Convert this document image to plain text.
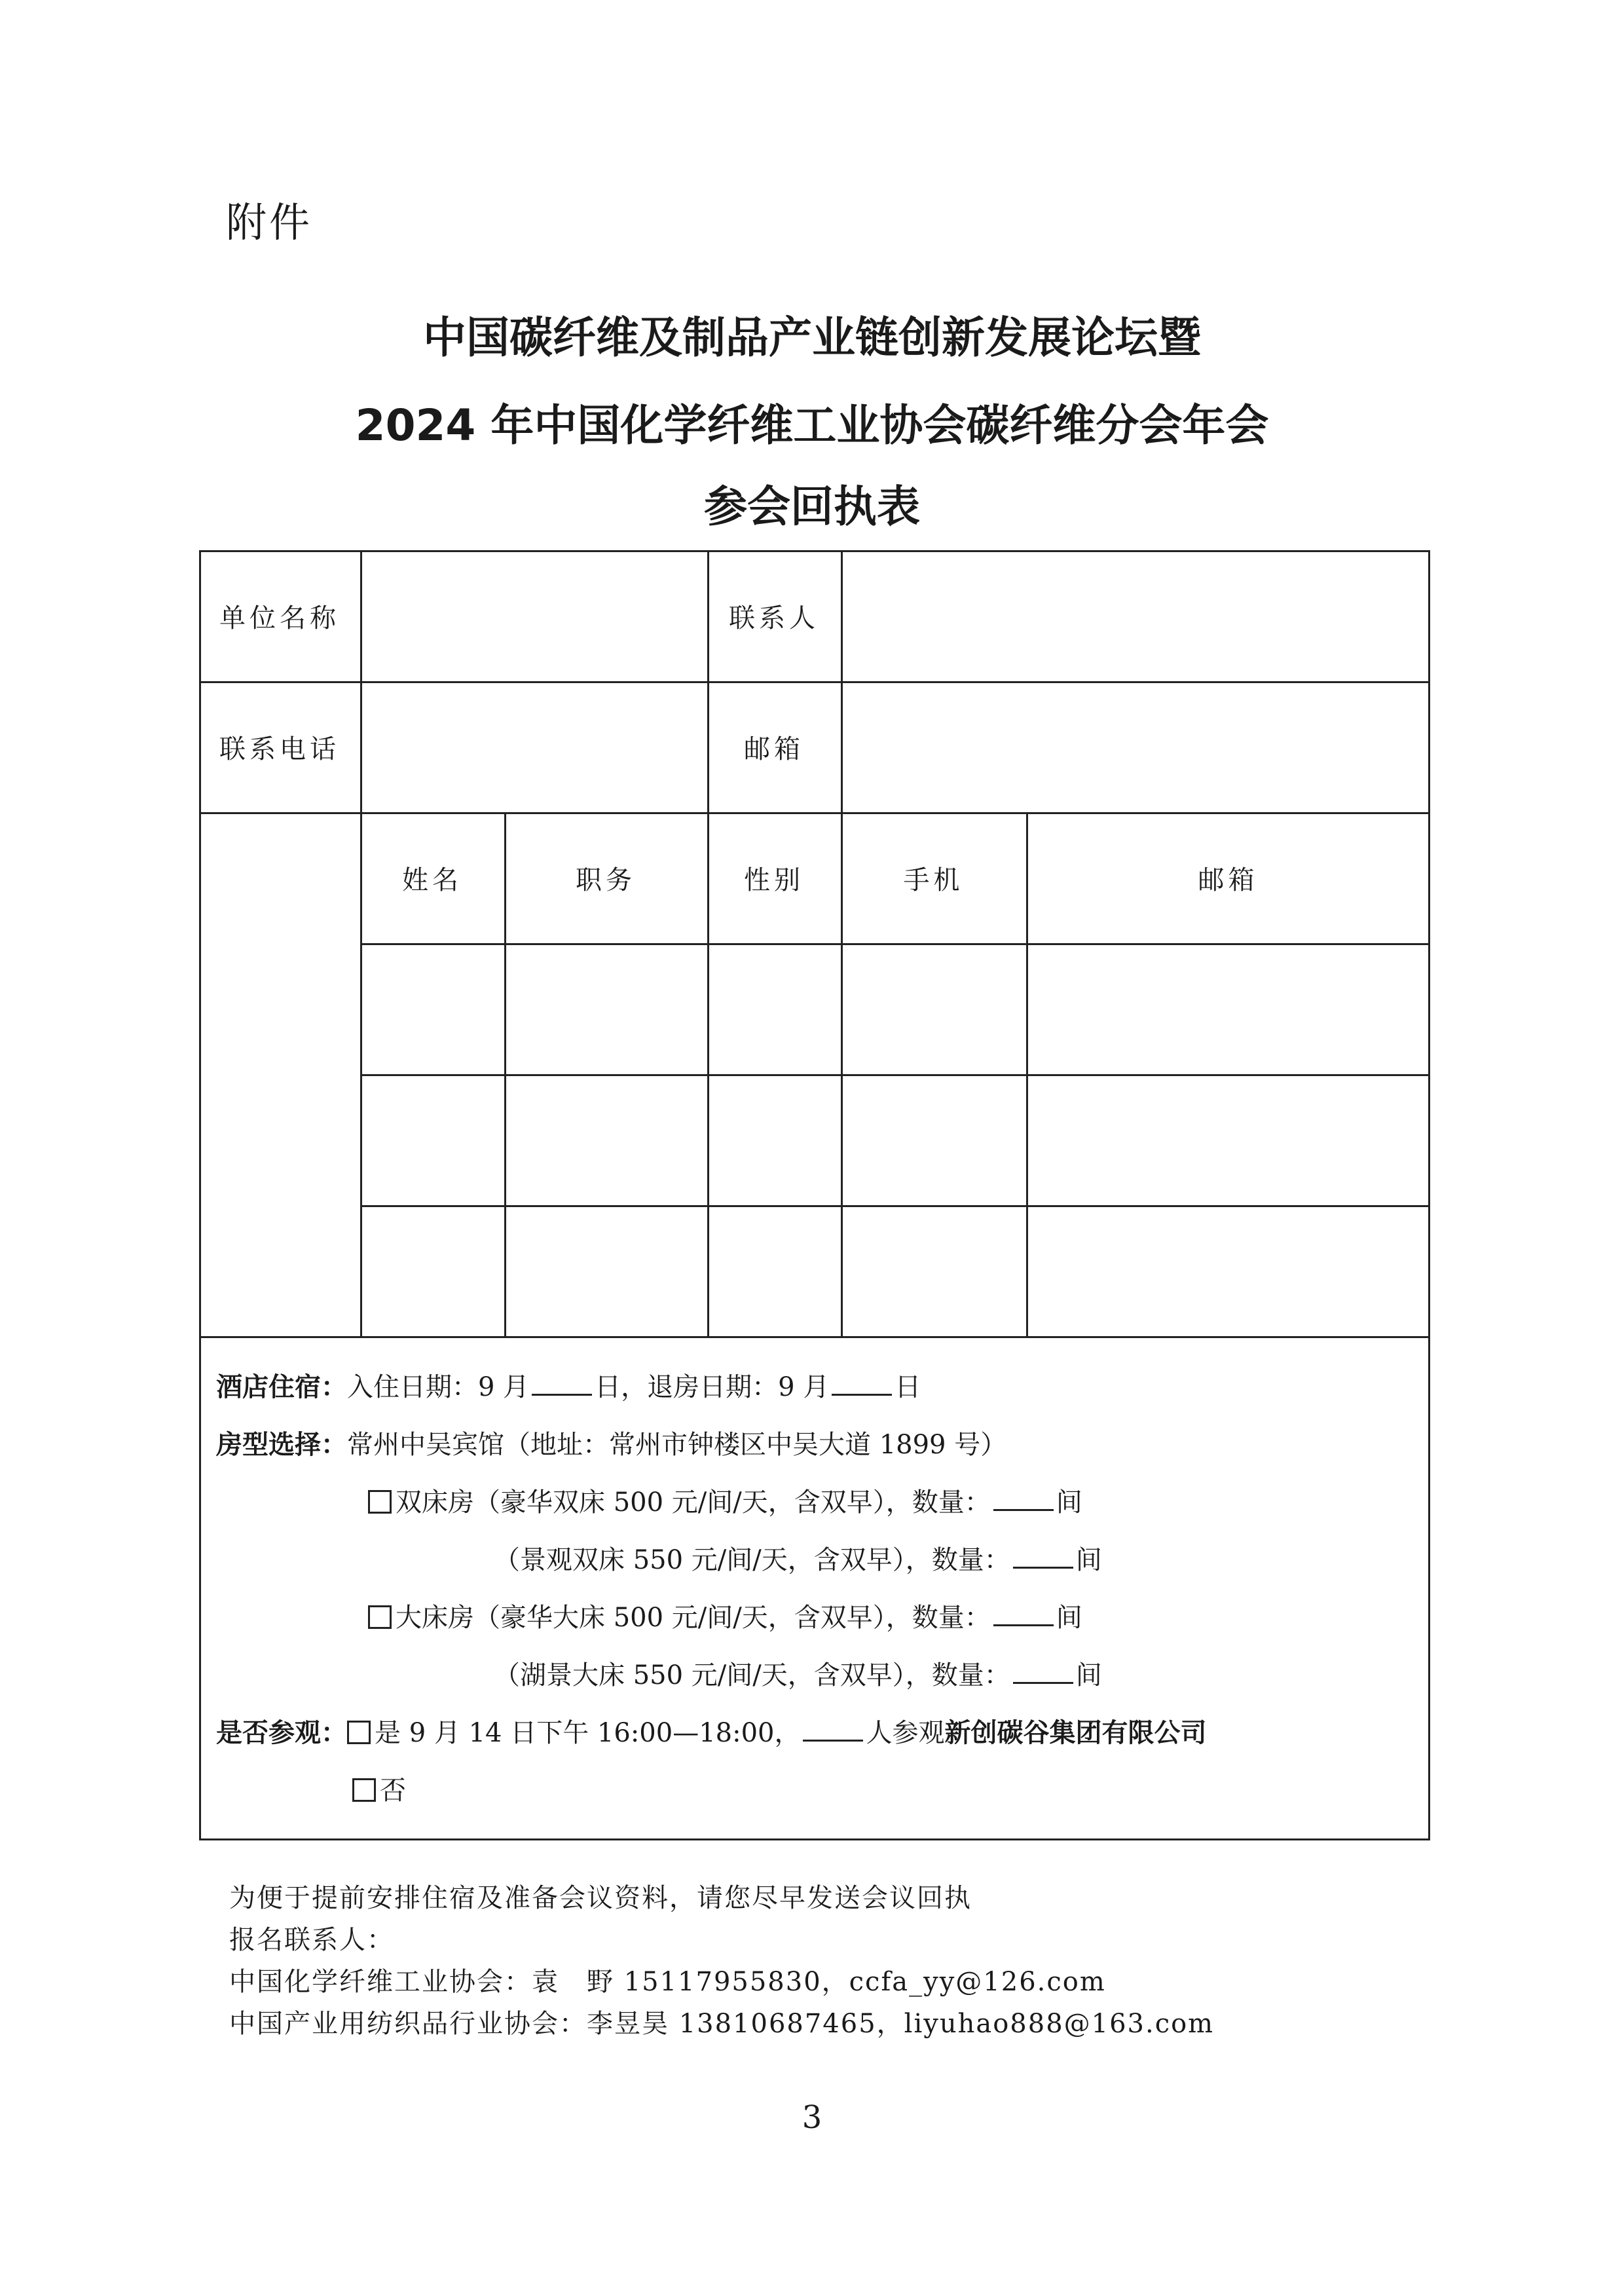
附件
中国碳纤维及制品产业链创新发展论坛暨
2024 年中国化学纤维工业协会碳纤维分会年会
参会回执表
单位名称	联系人
联系电话	邮箱
姓名	职务	性别	手机	邮箱
酒店住宿：入住日期：9 月	日，退房日期：9 月	日
房型选择：常州中吴宾馆（地址：常州市钟楼区中吴大道 1899 号）
双床房（豪华双床 500 元/间/天，含双早），数量：	间
（景观双床 550 元/间/天，含双早），数量：	间
大床房（豪华大床 500 元/间/天，含双早），数量：	间
（湖景大床 550 元/间/天，含双早），数量：	间
是否参观： 是 9 月 14 日下午 16:00—18:00，	人参观新创碳谷集团有限公司
否
为便于提前安排住宿及准备会议资料，请您尽早发送会议回执
报名联系人：
中国化学纤维工业协会：袁　野 15117955830，ccfa_yy@126.com
中国产业用纺织品行业协会：李昱昊 13810687465，liyuhao888@163.com
3
